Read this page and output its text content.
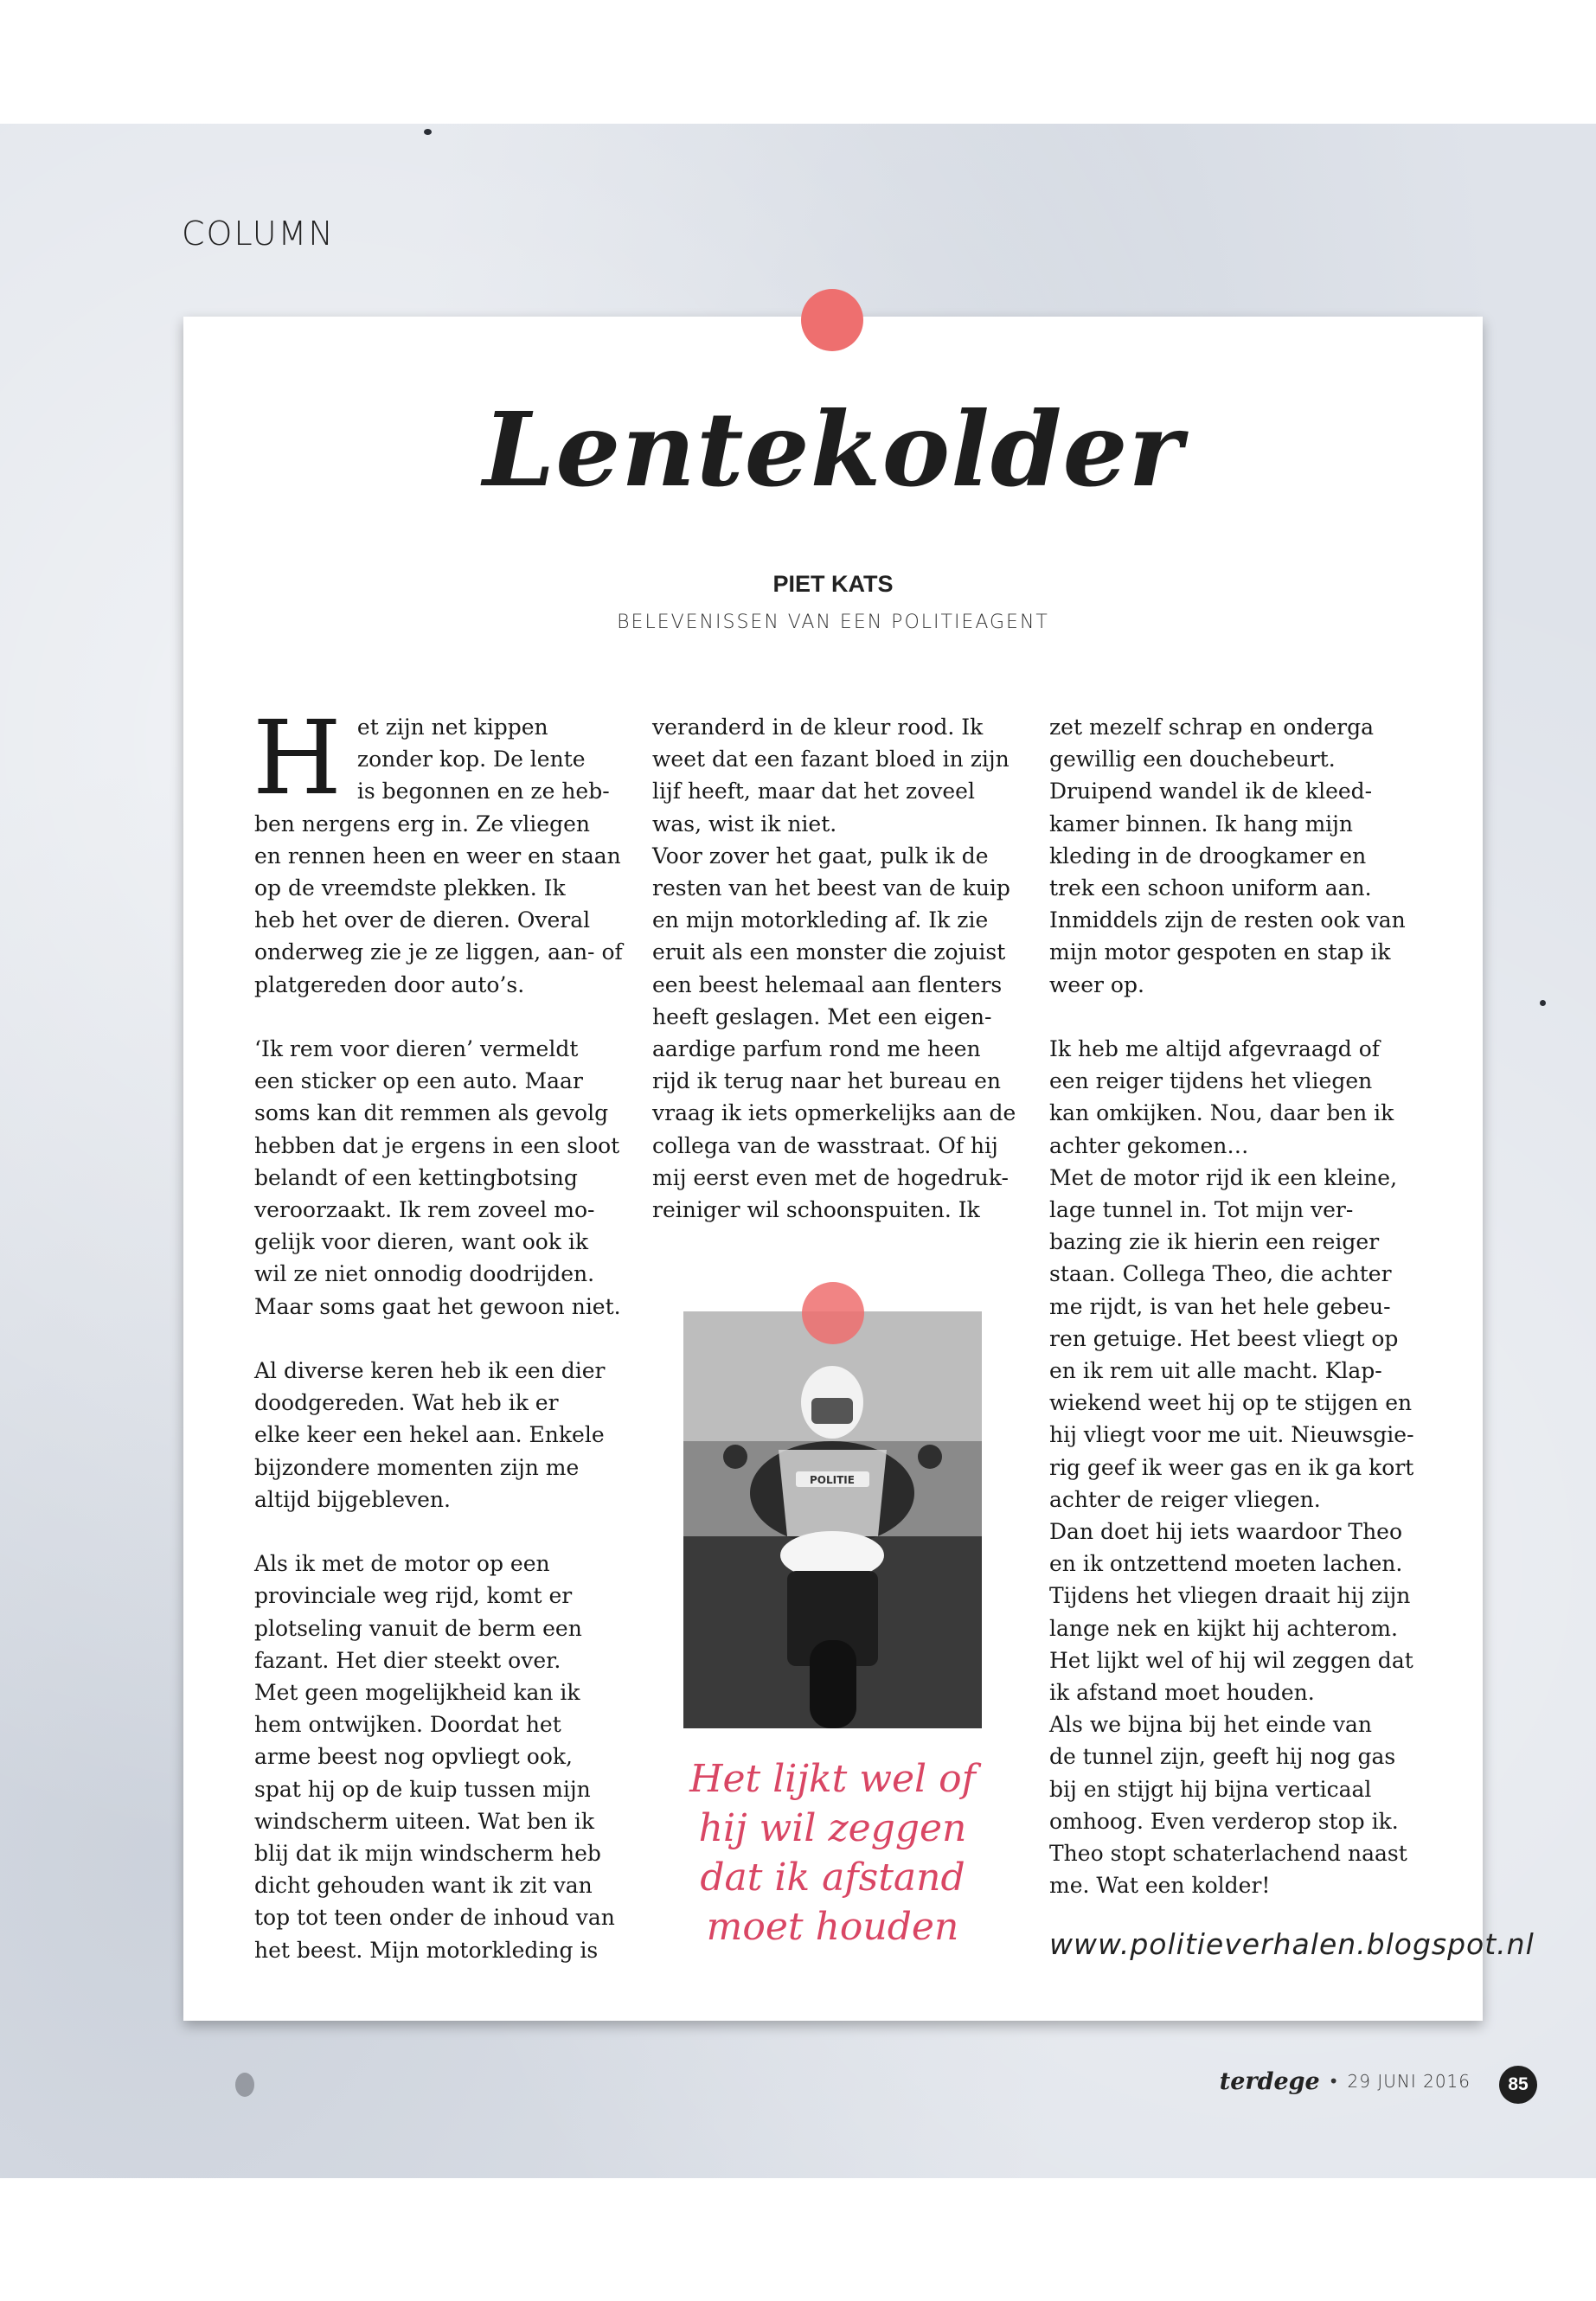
COLUMN
Lentekolder

PIET KATS

BELEVENISSEN VAN EEN POLITIEAGENT

H et zijn net kippen
zonder kop. De lente
is begonnen en ze heb-

ben nergens erg in. Ze vliegen
en rennen heen en weer en staan
op de vreemdste plekken. Ik
heb het over de dieren. Overal
onderweg zie je ze liggen, aan- of
platgereden door auto’s.

‘Ik rem voor dieren’ vermeldt
een sticker op een auto. Maar
soms kan dit remmen als gevolg
hebben dat je ergens in een sloot
belandt of een kettingbotsing
veroorzaakt. Ik rem zoveel mo-
gelijk voor dieren, want ook ik
wil ze niet onnodig doodrijden.
Maar soms gaat het gewoon niet.

Al diverse keren heb ik een dier
doodgereden. Wat heb ik er
elke keer een hekel aan. Enkele
bijzondere momenten zijn me
altijd bijgebleven.

Als ik met de motor op een
provinciale weg rijd, komt er
plotseling vanuit de berm een
fazant. Het dier steekt over.
Met geen mogelijkheid kan ik
hem ontwijken. Doordat het
arme beest nog opvliegt ook,
spat hij op de kuip tussen mijn
windscherm uiteen. Wat ben ik
blij dat ik mijn windscherm heb
dicht gehouden want ik zit van
top tot teen onder de inhoud van
het beest. Mijn motorkleding is

veranderd in de kleur rood. Ik
weet dat een fazant bloed in zijn
lijf heeft, maar dat het zoveel
was, wist ik niet.

Voor zover het gaat, pulk ik de
resten van het beest van de kuip
en mijn motorkleding af. Ik zie
eruit als een monster die zojuist
een beest helemaal aan flenters
heeft geslagen. Met een eigen-
aardige parfum rond me heen
rijd ik terug naar het bureau en
vraag ik iets opmerkelijks aan de
collega van de wasstraat. Of hij
mij eerst even met de hogedruk-
reiniger wil schoonspuiten. Ik

POLITIE

Het lijkt wel of
hij wil zeggen
dat ik afstand
moet houden

zet mezelf schrap en onderga
gewillig een douchebeurt.
Druipend wandel ik de kleed-
kamer binnen. Ik hang mijn
kleding in de droogkamer en
trek een schoon uniform aan.
Inmiddels zijn de resten ook van
mijn motor gespoten en stap ik
weer op.

Ik heb me altijd afgevraagd of
een reiger tijdens het vliegen
kan omkijken. Nou, daar ben ik
achter gekomen…

Met de motor rijd ik een kleine,
lage tunnel in. Tot mijn ver-
bazing zie ik hierin een reiger
staan. Collega Theo, die achter
me rijdt, is van het hele gebeu-
ren getuige. Het beest vliegt op
en ik rem uit alle macht. Klap-
wiekend weet hij op te stijgen en
hij vliegt voor me uit. Nieuwsgie-
rig geef ik weer gas en ik ga kort
achter de reiger vliegen.

Dan doet hij iets waardoor Theo
en ik ontzettend moeten lachen.
Tijdens het vliegen draait hij zijn
lange nek en kijkt hij achterom.
Het lijkt wel of hij wil zeggen dat
ik afstand moet houden.

Als we bijna bij het einde van
de tunnel zijn, geeft hij nog gas
bij en stijgt hij bijna verticaal
omhoog. Even verderop stop ik.
Theo stopt schaterlachend naast
me. Wat een kolder!

www.politieverhalen.blogspot.nl

terdege • 29 JUNI 2016	85
